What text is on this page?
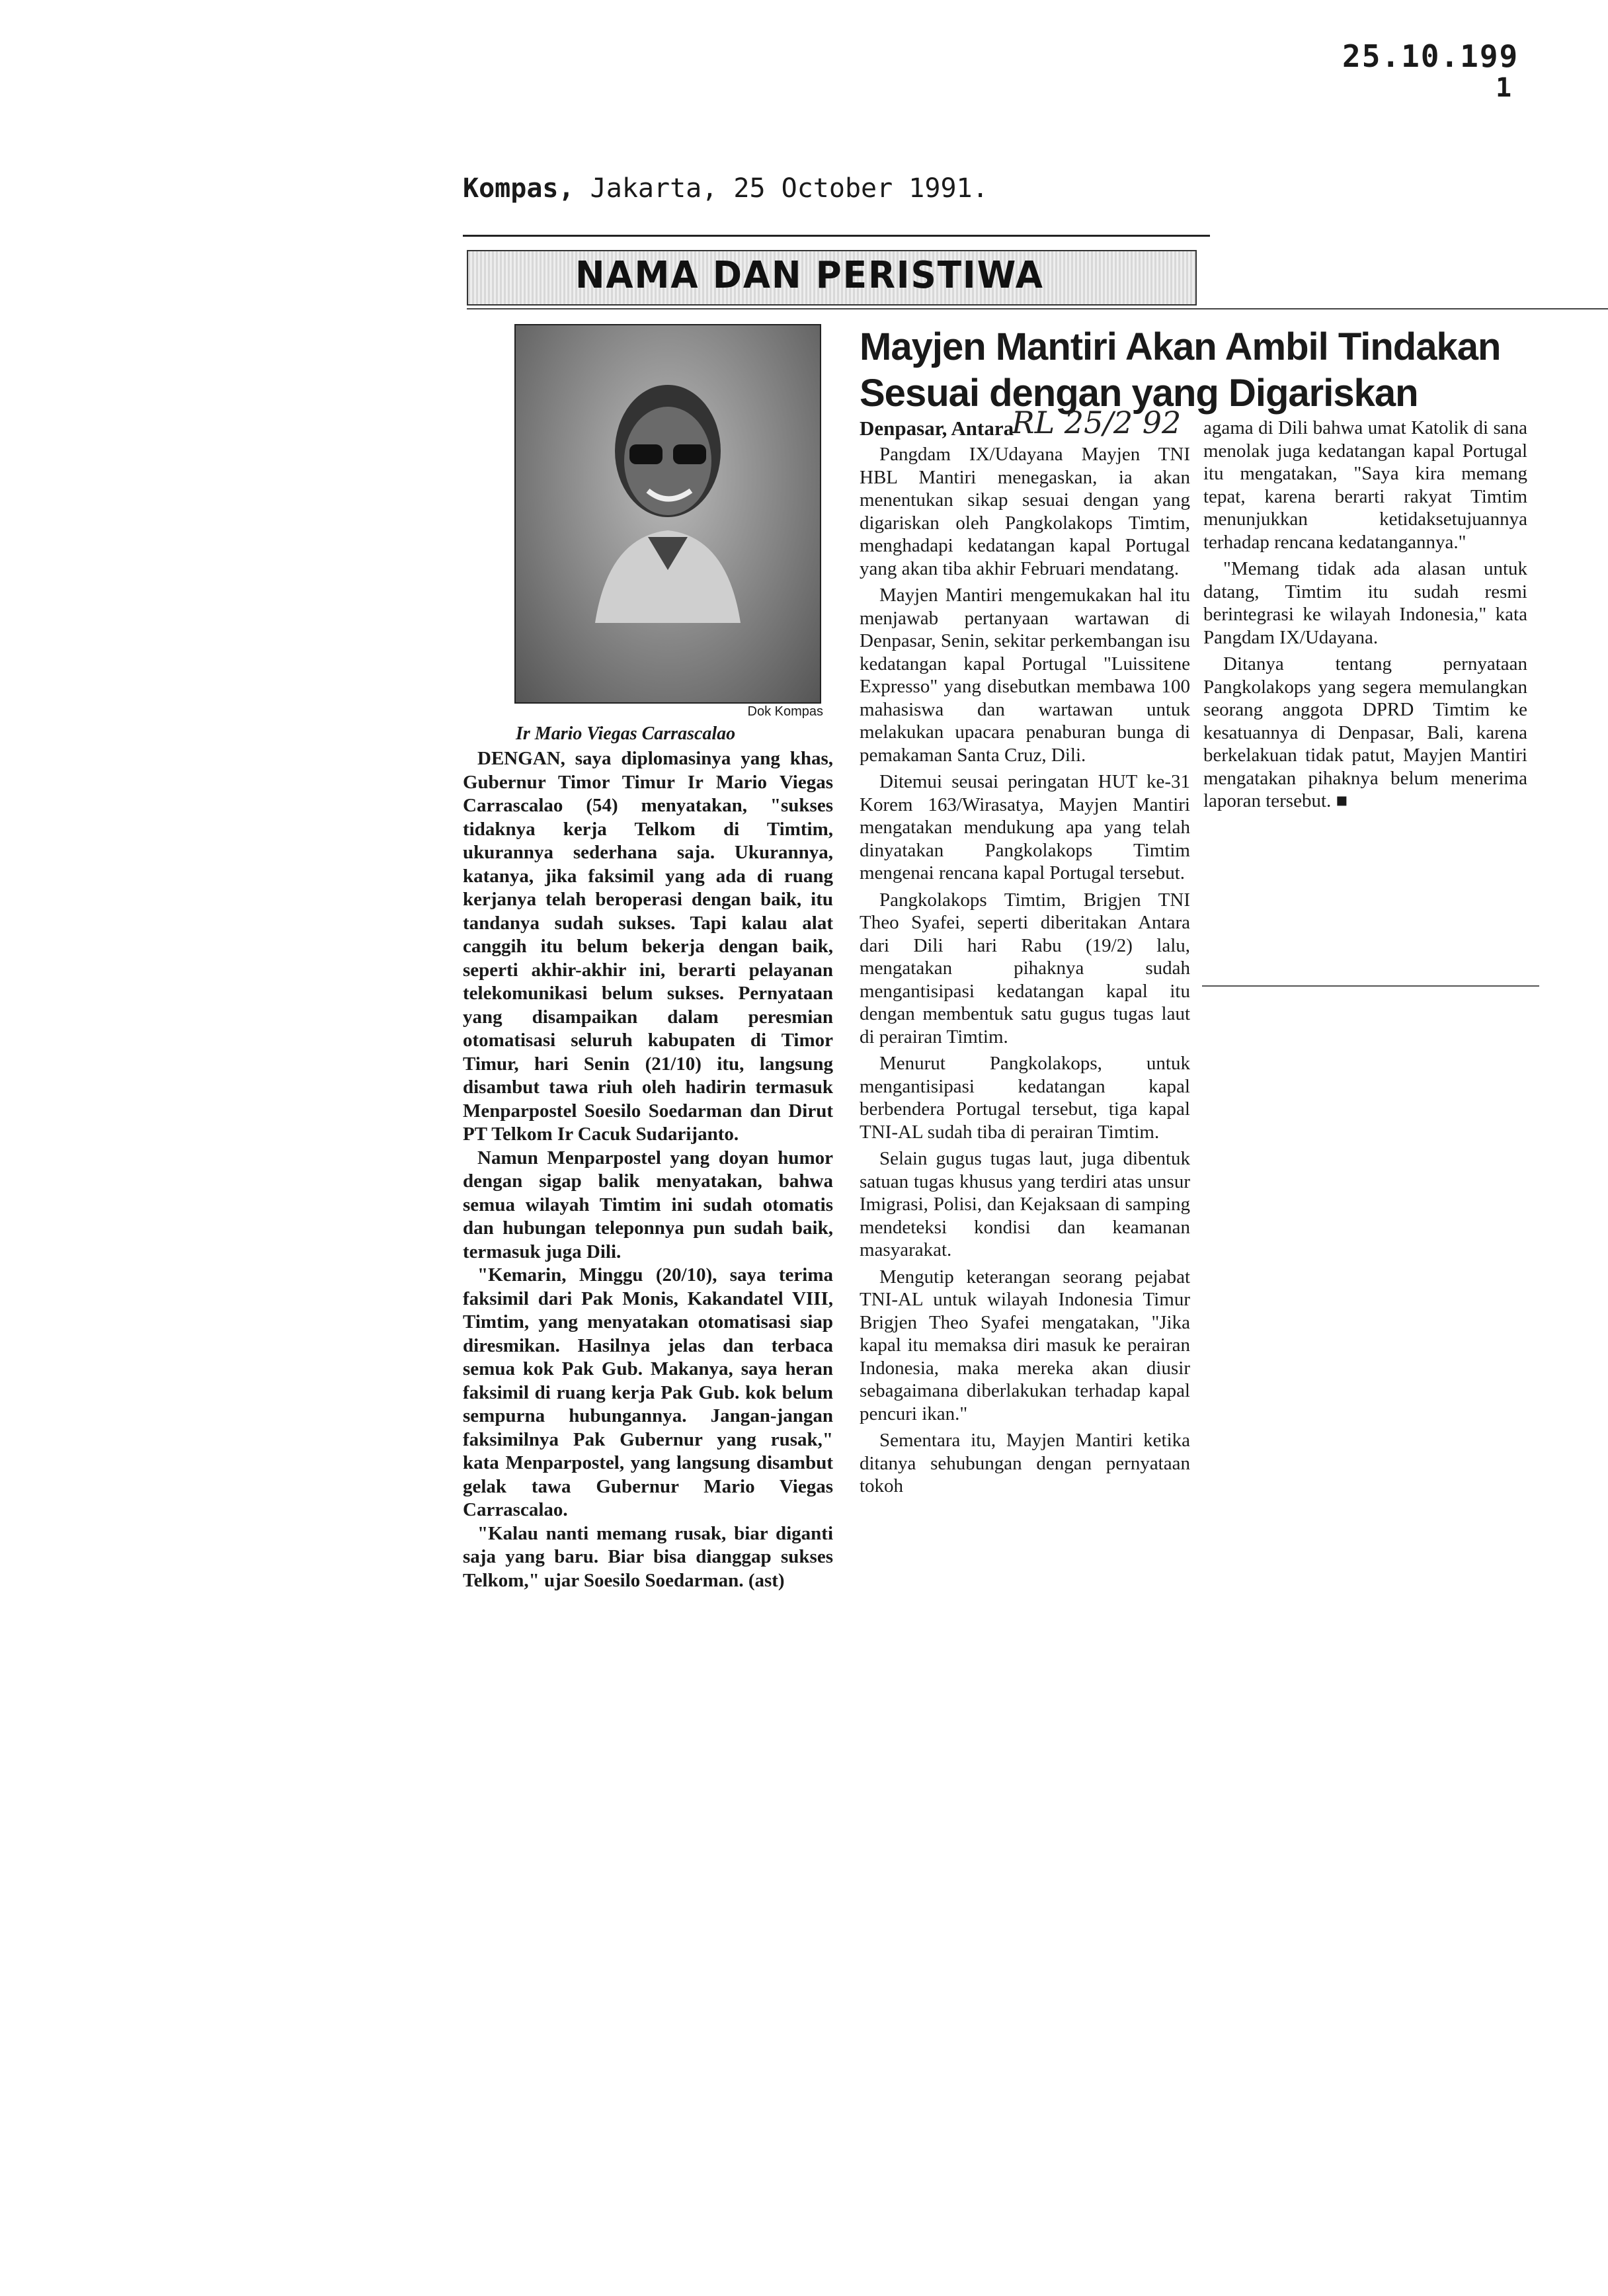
25.10.199
1
Kompas, Jakarta, 25 October 1991.
NAMA DAN PERISTIWA
Dok Kompas
Ir Mario Viegas Carrascalao

DENGAN, saya diplomasinya yang khas, Gubernur Timor Timur Ir Mario Viegas Carrascalao (54) menyatakan, "sukses tidaknya kerja Telkom di Timtim, ukurannya sederhana saja. Ukurannya, katanya, jika faksimil yang ada di ruang kerjanya telah beroperasi dengan baik, itu tandanya sudah sukses. Tapi kalau alat canggih itu belum bekerja dengan baik, seperti akhir-akhir ini, berarti pelayanan telekomunikasi belum sukses. Pernyataan yang disampaikan dalam peresmian otomatisasi seluruh kabupaten di Timor Timur, hari Senin (21/10) itu, langsung disambut tawa riuh oleh hadirin termasuk Menparpostel Soesilo Soedarman dan Dirut PT Telkom Ir Cacuk Sudarijanto.

Namun Menparpostel yang doyan humor dengan sigap balik menyatakan, bahwa semua wilayah Timtim ini sudah otomatis dan hubungan teleponnya pun sudah baik, termasuk juga Dili.

"Kemarin, Minggu (20/10), saya terima faksimil dari Pak Monis, Kakandatel VIII, Timtim, yang menyatakan otomatisasi siap diresmikan. Hasilnya jelas dan terbaca semua kok Pak Gub. Makanya, saya heran faksimil di ruang kerja Pak Gub. kok belum sempurna hubungannya. Jangan-jangan faksimilnya Pak Gubernur yang rusak," kata Menparpostel, yang langsung disambut gelak tawa Gubernur Mario Viegas Carrascalao.

"Kalau nanti memang rusak, biar diganti saja yang baru. Biar bisa dianggap sukses Telkom," ujar Soesilo Soedarman. (ast)

Mayjen Mantiri Akan Ambil Tindakan
Sesuai dengan yang Digariskan
Denpasar, Antara
RL 25/2 92

Pangdam IX/Udayana Mayjen TNI HBL Mantiri menegaskan, ia akan menentukan sikap sesuai dengan yang digariskan oleh Pangkolakops Timtim, menghadapi kedatangan kapal Portugal yang akan tiba akhir Februari mendatang.

Mayjen Mantiri mengemukakan hal itu menjawab pertanyaan wartawan di Denpasar, Senin, sekitar perkembangan isu kedatangan kapal Portugal "Luissitene Expresso" yang disebutkan membawa 100 mahasiswa dan wartawan untuk melakukan upacara penaburan bunga di pemakaman Santa Cruz, Dili.

Ditemui seusai peringatan HUT ke-31 Korem 163/Wirasatya, Mayjen Mantiri mengatakan mendukung apa yang telah dinyatakan Pangkolakops Timtim mengenai rencana kapal Portugal tersebut.

Pangkolakops Timtim, Brigjen TNI Theo Syafei, seperti diberitakan Antara dari Dili hari Rabu (19/2) lalu, mengatakan pihaknya sudah mengantisipasi kedatangan kapal itu dengan membentuk satu gugus tugas laut di perairan Timtim.

Menurut Pangkolakops, untuk mengantisipasi kedatangan kapal berbendera Portugal tersebut, tiga kapal TNI-AL sudah tiba di perairan Timtim.

Selain gugus tugas laut, juga dibentuk satuan tugas khusus yang terdiri atas unsur Imigrasi, Polisi, dan Kejaksaan di samping mendeteksi kondisi dan keamanan masyarakat.

Mengutip keterangan seorang pejabat TNI-AL untuk wilayah Indonesia Timur Brigjen Theo Syafei mengatakan, "Jika kapal itu memaksa diri masuk ke perairan Indonesia, maka mereka akan diusir sebagaimana diberlakukan terhadap kapal pencuri ikan."

Sementara itu, Mayjen Mantiri ketika ditanya sehubungan dengan pernyataan tokoh

agama di Dili bahwa umat Katolik di sana menolak juga kedatangan kapal Portugal itu mengatakan, "Saya kira memang tepat, karena berarti rakyat Timtim menunjukkan ketidaksetujuannya terhadap rencana kedatangannya."

"Memang tidak ada alasan untuk datang, Timtim itu sudah resmi berintegrasi ke wilayah Indonesia," kata Pangdam IX/Udayana.

Ditanya tentang pernyataan Pangkolakops yang segera memulangkan seorang anggota DPRD Timtim ke kesatuannya di Denpasar, Bali, karena berkelakuan tidak patut, Mayjen Mantiri mengatakan pihaknya belum menerima laporan tersebut. ■
